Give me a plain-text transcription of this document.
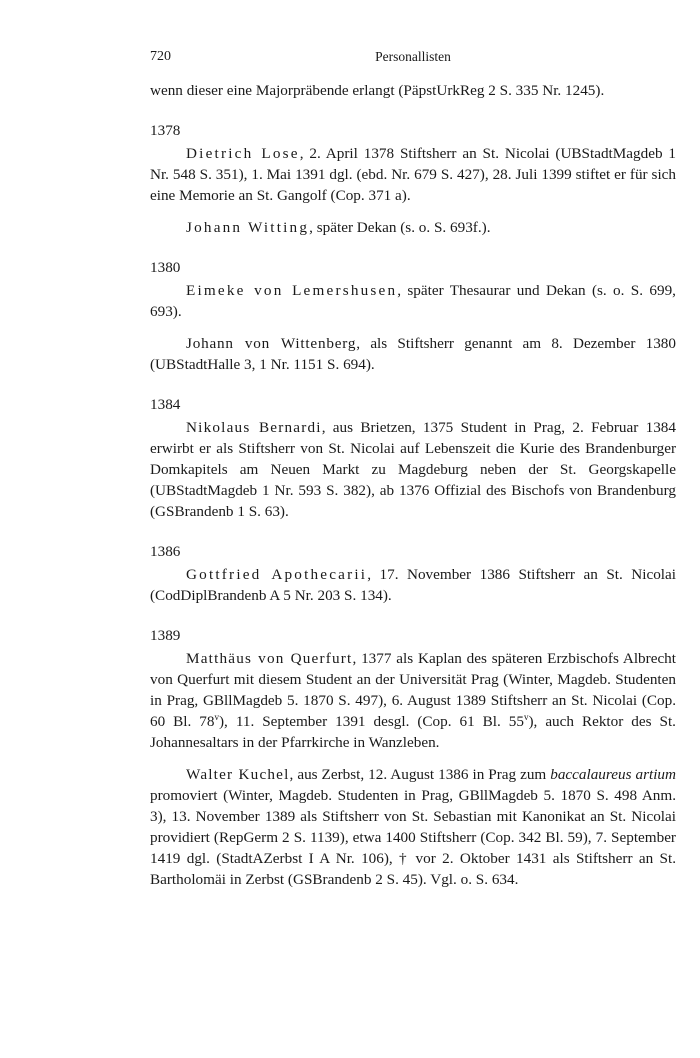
720	Personallisten

wenn dieser eine Majorpräbende erlangt (PäpstUrkReg 2 S. 335 Nr. 1245).

1378

Dietrich Lose, 2. April 1378 Stiftsherr an St. Nicolai (UBStadtMagdeb 1 Nr. 548 S. 351), 1. Mai 1391 dgl. (ebd. Nr. 679 S. 427), 28. Juli 1399 stiftet er für sich eine Memorie an St. Gangolf (Cop. 371 a).

Johann Witting, später Dekan (s. o. S. 693f.).

1380

Eimeke von Lemershusen, später Thesaurar und Dekan (s. o. S. 699, 693).

Johann von Wittenberg, als Stiftsherr genannt am 8. Dezember 1380 (UBStadtHalle 3, 1 Nr. 1151 S. 694).

1384

Nikolaus Bernardi, aus Brietzen, 1375 Student in Prag, 2. Februar 1384 erwirbt er als Stiftsherr von St. Nicolai auf Lebenszeit die Kurie des Brandenburger Domkapitels am Neuen Markt zu Magdeburg neben der St. Georgskapelle (UBStadtMagdeb 1 Nr. 593 S. 382), ab 1376 Offizial des Bischofs von Brandenburg (GSBrandenb 1 S. 63).

1386

Gottfried Apothecarii, 17. November 1386 Stiftsherr an St. Nicolai (CodDiplBrandenb A 5 Nr. 203 S. 134).

1389

Matthäus von Querfurt, 1377 als Kaplan des späteren Erzbischofs Albrecht von Querfurt mit diesem Student an der Universität Prag (Winter, Magdeb. Studenten in Prag, GBllMagdeb 5. 1870 S. 497), 6. August 1389 Stiftsherr an St. Nicolai (Cop. 60 Bl. 78$^v$), 11. September 1391 desgl. (Cop. 61 Bl. 55$^v$), auch Rektor des St. Johannesaltars in der Pfarrkirche in Wanzleben.

Walter Kuchel, aus Zerbst, 12. August 1386 in Prag zum baccalaureus artium promoviert (Winter, Magdeb. Studenten in Prag, GBllMagdeb 5. 1870 S. 498 Anm. 3), 13. November 1389 als Stiftsherr von St. Sebastian mit Kanonikat an St. Nicolai providiert (RepGerm 2 S. 1139), etwa 1400 Stiftsherr (Cop. 342 Bl. 59), 7. September 1419 dgl. (StadtAZerbst I A Nr. 106), † vor 2. Oktober 1431 als Stiftsherr an St. Bartholomäi in Zerbst (GSBrandenb 2 S. 45). Vgl. o. S. 634.
